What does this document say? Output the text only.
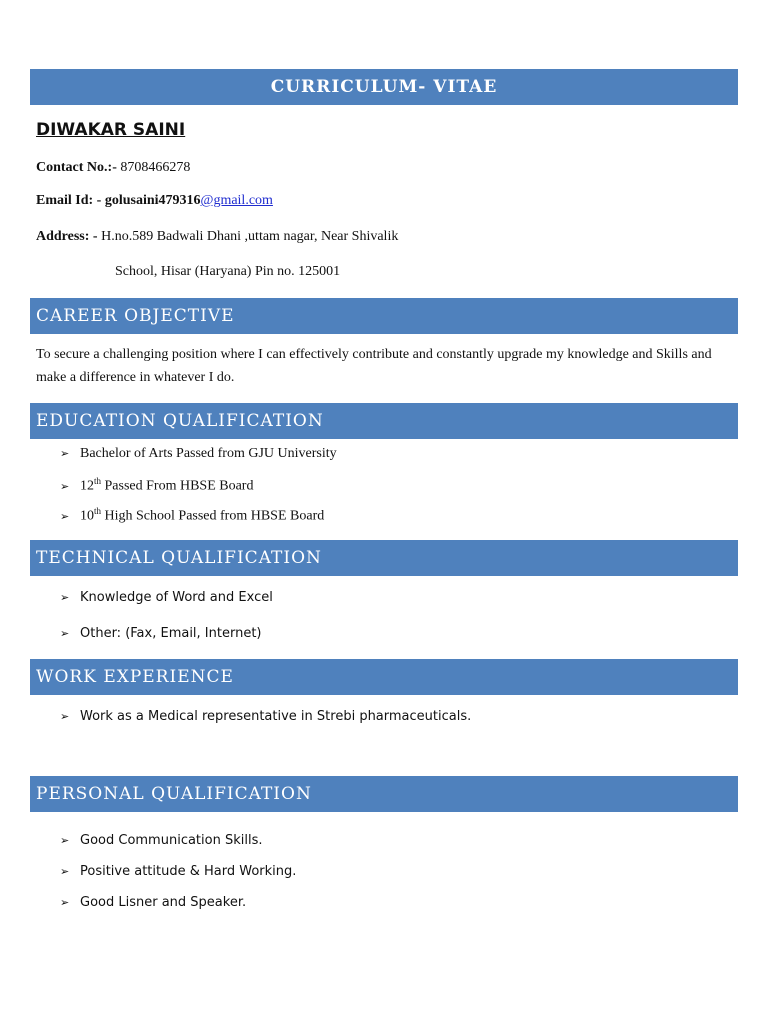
CURRICULUM- VITAE
DIWAKAR SAINI
Contact No.:- 8708466278
Email Id: - golusaini479316@gmail.com
Address: - H.no.589 Badwali Dhani ,uttam nagar, Near Shivalik
School, Hisar (Haryana) Pin no. 125001
CAREER OBJECTIVE
To secure a challenging position where I can effectively contribute and constantly upgrade my knowledge and Skills and make a difference in whatever I do.
EDUCATION QUALIFICATION
➢ Bachelor of Arts Passed from GJU University
➢ 12th Passed From HBSE Board
➢ 10th High School Passed from HBSE Board
TECHNICAL QUALIFICATION
➢ Knowledge of Word and Excel
➢ Other: (Fax, Email, Internet)
WORK EXPERIENCE
➢ Work as a Medical representative in Strebi pharmaceuticals.
PERSONAL QUALIFICATION
➢ Good Communication Skills.
➢ Positive attitude & Hard Working.
➢ Good Lisner and Speaker.
